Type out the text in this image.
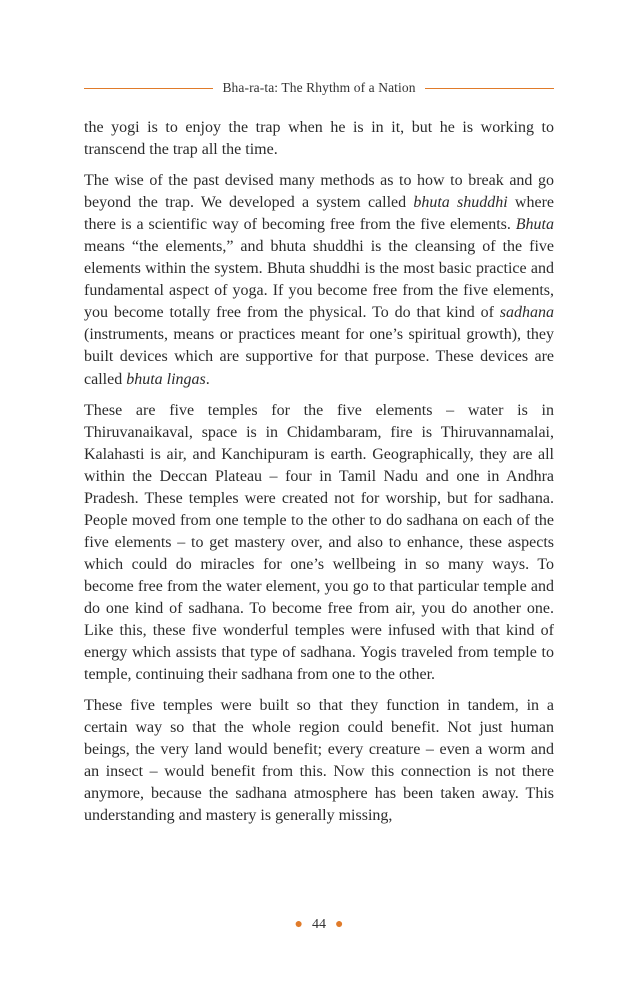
Bha-ra-ta: The Rhythm of a Nation

the yogi is to enjoy the trap when he is in it, but he is working to transcend the trap all the time.

The wise of the past devised many methods as to how to break and go beyond the trap. We developed a system called bhuta shuddhi where there is a scientific way of becoming free from the five elements. Bhuta means “the elements,” and bhuta shuddhi is the cleansing of the five elements within the system. Bhuta shuddhi is the most basic practice and fundamental aspect of yoga. If you become free from the five elements, you become totally free from the physical. To do that kind of sadhana (instruments, means or practices meant for one’s spiritual growth), they built devices which are supportive for that purpose. These devices are called bhuta lingas.

These are five temples for the five elements – water is in Thiruvanaikaval, space is in Chidambaram, fire is Thiruvannamalai, Kalahasti is air, and Kanchipuram is earth. Geographically, they are all within the Deccan Plateau – four in Tamil Nadu and one in Andhra Pradesh. These temples were created not for worship, but for sadhana. People moved from one temple to the other to do sadhana on each of the five elements – to get mastery over, and also to enhance, these aspects which could do miracles for one’s wellbeing in so many ways. To become free from the water element, you go to that particular temple and do one kind of sadhana. To become free from air, you do another one. Like this, these five wonderful temples were infused with that kind of energy which assists that type of sadhana. Yogis traveled from temple to temple, continuing their sadhana from one to the other.

These five temples were built so that they function in tandem, in a certain way so that the whole region could benefit. Not just human beings, the very land would benefit; every creature – even a worm and an insect – would benefit from this. Now this connection is not there anymore, because the sadhana atmosphere has been taken away. This understanding and mastery is generally missing,

● 44 ●
